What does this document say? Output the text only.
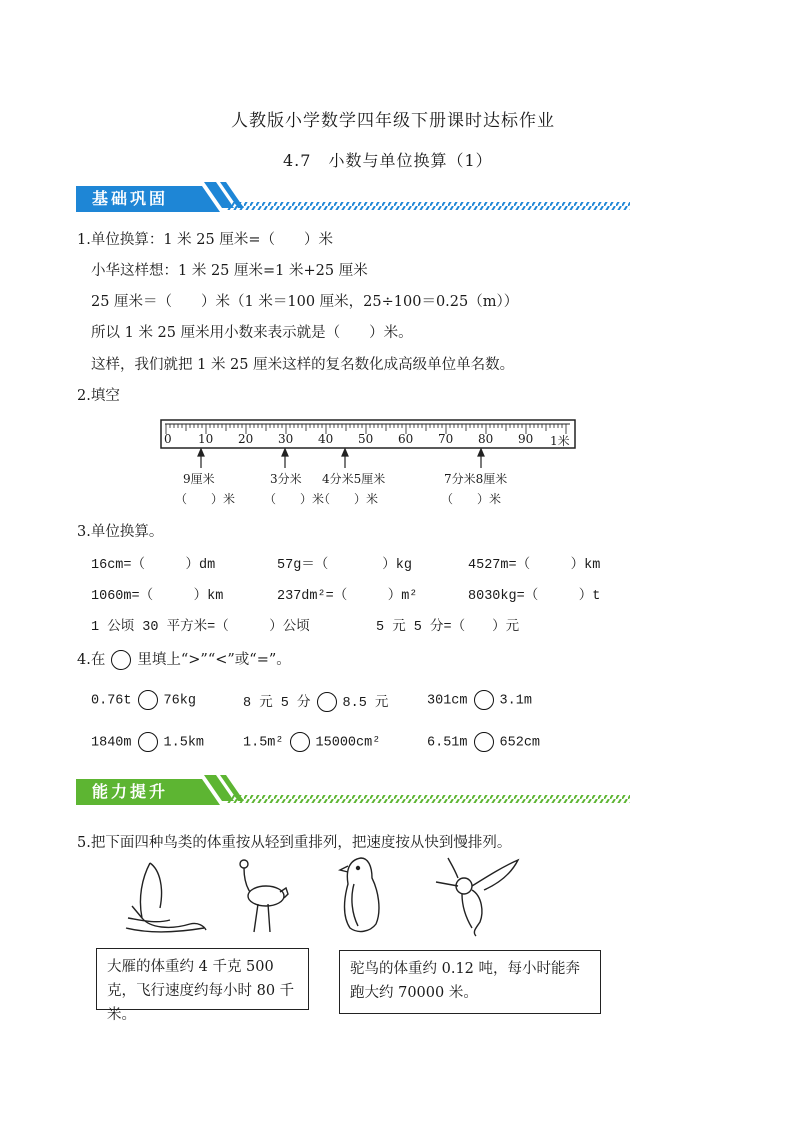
人教版小学数学四年级下册课时达标作业
4.7　小数与单位换算（1）
基础巩固
1.单位换算：1 米 25 厘米=（　　）米
小华这样想：1 米 25 厘米=1 米+25 厘米
25 厘米＝（　　）米（1 米＝100 厘米，25÷100＝0.25（m））
所以 1 米 25 厘米用小数来表示就是（　　）米。
这样，我们就把 1 米 25 厘米这样的复名数化成高级单位单名数。
2.填空
0 10 20 30 40 50 60 70 80 90 1米
9厘米	3分米 4分米5厘米	7分米8厘米
（　　）米 （　　）米
（　　）米	（　　）米
3.单位换算。
16cm=（　　　）dm	57g＝（　　　　）kg	4527m=（　　　）km
1060m=（　　　）km	237dm²=（　　　）m²	8030kg=（　　　）t
1 公顷 30 平方米=（　　　）公顷	5 元 5 分=（　　）元
4.在 里填上“>”“<”或“=”。
0.76t 76kg	8 元 5 分 8.5 元	301cm 3.1m
1840m 1.5km	1.5m² 15000cm²	6.51m 652cm
能力提升
5.把下面四种鸟类的体重按从轻到重排列，把速度按从快到慢排列。
大雁的体重约 4 千克 500 克，飞行速度约每小时 80 千米。
驼鸟的体重约 0.12 吨，每小时能奔跑大约 70000 米。
